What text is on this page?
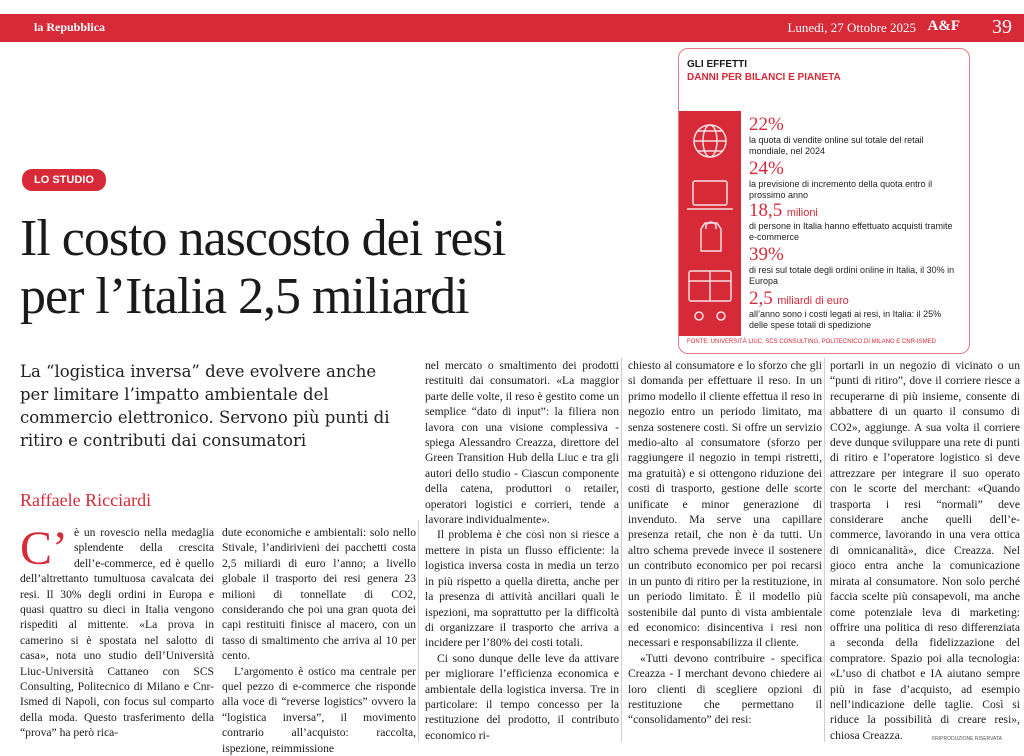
la Repubblica	Lunedì, 27 Ottobre 2025 A&F 39
LO STUDIO
Il costo nascosto dei resi
per l’Italia 2,5 miliardi

La “logistica inversa” deve evolvere anche per limitare l’impatto ambientale del commercio elettronico. Servono più punti di ritiro e contributi dai consumatori

Raffaele Ricciardi
C’ è un rovescio nella medaglia splendente della crescita dell’e-commerce, ed è quello dell’altrettanto tumultuosa cavalcata dei resi. Il 30% degli ordini in Europa e quasi quattro su dieci in Italia vengono rispediti al mittente. «La prova in camerino si è spostata nel salotto di casa», nota uno studio dell’Università Liuc-Università Cattaneo con SCS Consulting, Politecnico di Milano e Cnr-Ismed di Napoli, con focus sul comparto della moda. Questo trasferimento della “prova” ha però rica-

dute economiche e ambientali: solo nello Stivale, l’andirivieni dei pacchetti costa 2,5 miliardi di euro l’anno; a livello globale il trasporto dei resi genera 23 milioni di tonnellate di CO2, considerando che poi una gran quota dei capi restituiti finisce al macero, con un tasso di smaltimento che arriva al 10 per cento.

L’argomento è ostico ma centrale per quel pezzo di e-commerce che risponde alla voce di “reverse logistics” ovvero la “logistica inversa”, il movimento contrario all’acquisto: raccolta, ispezione, reimmissione

nel mercato o smaltimento dei prodotti restituiti dai consumatori. «La maggior parte delle volte, il reso è gestito come un semplice “dato di input”: la filiera non lavora con una visione complessiva - spiega Alessandro Creazza, direttore del Green Transition Hub della Liuc e tra gli autori dello studio - Ciascun componente della catena, produttori o retailer, operatori logistici e corrieri, tende a lavorare individualmente».

Il problema è che così non si riesce a mettere in pista un flusso efficiente: la logistica inversa costa in media un terzo in più rispetto a quella diretta, anche per la presenza di attività ancillari quali le ispezioni, ma soprattutto per la difficoltà di organizzare il trasporto che arriva a incidere per l’80% dei costi totali.

Ci sono dunque delle leve da attivare per migliorare l’efficienza economica e ambientale della logistica inversa. Tre in particolare: il tempo concesso per la restituzione del prodotto, il contributo economico ri-

chiesto al consumatore e lo sforzo che gli si domanda per effettuare il reso. In un primo modello il cliente effettua il reso in negozio entro un periodo limitato, ma senza sostenere costi. Si offre un servizio medio-alto al consumatore (sforzo per raggiungere il negozio in tempi ristretti, ma gratuità) e si ottengono riduzione dei costi di trasporto, gestione delle scorte unificate e minor generazione di invenduto. Ma serve una capillare presenza retail, che non è da tutti. Un altro schema prevede invece il sostenere un contributo economico per poi recarsi in un punto di ritiro per la restituzione, in un periodo limitato. È il modello più sostenibile dal punto di vista ambientale ed economico: disincentiva i resi non necessari e responsabilizza il cliente.

«Tutti devono contribuire - specifica Creazza - I merchant devono chiedere ai loro clienti di scegliere opzioni di restituzione che permettano il “consolidamento” dei resi:

portarli in un negozio di vicinato o un “punti di ritiro”, dove il corriere riesce a recuperarne di più insieme, consente di abbattere di un quarto il consumo di CO2», aggiunge. A sua volta il corriere deve dunque sviluppare una rete di punti di ritiro e l’operatore logistico si deve attrezzare per integrare il suo operato con le scorte del merchant: «Quando trasporta i resi “normali” deve considerare anche quelli dell’e-commerce, lavorando in una vera ottica di omnicanalità», dice Creazza. Nel gioco entra anche la comunicazione mirata al consumatore. Non solo perché faccia scelte più consapevoli, ma anche come potenziale leva di marketing: offrire una politica di reso differenziata a seconda della fidelizzazione del compratore. Spazio poi alla tecnologia: «L’uso di chatbot e IA aiutano sempre più in fase d’acquisto, ad esempio nell’indicazione delle taglie. Così si riduce la possibilità di creare resi», chiosa Creazza.	©RIPRODUZIONE RISERVATA
GLI EFFETTI
DANNI PER BILANCI E PIANETA
22%
la quota di vendite online sul totale del retail mondiale, nel 2024
24%
la previsione di incremento della quota entro il prossimo anno
18,5 milioni
di persone in Italia hanno effettuato acquisti tramite e-commerce
39%
di resi sul totale degli ordini online in Italia, il 30% in Europa
2,5 miliardi di euro
all’anno sono i costi legati ai resi, in Italia: il 25% delle spese totali di spedizione
FONTE: UNIVERSITÀ LIUC, SCS CONSULTING, POLITECNICO DI MILANO E CNR-ISMED
